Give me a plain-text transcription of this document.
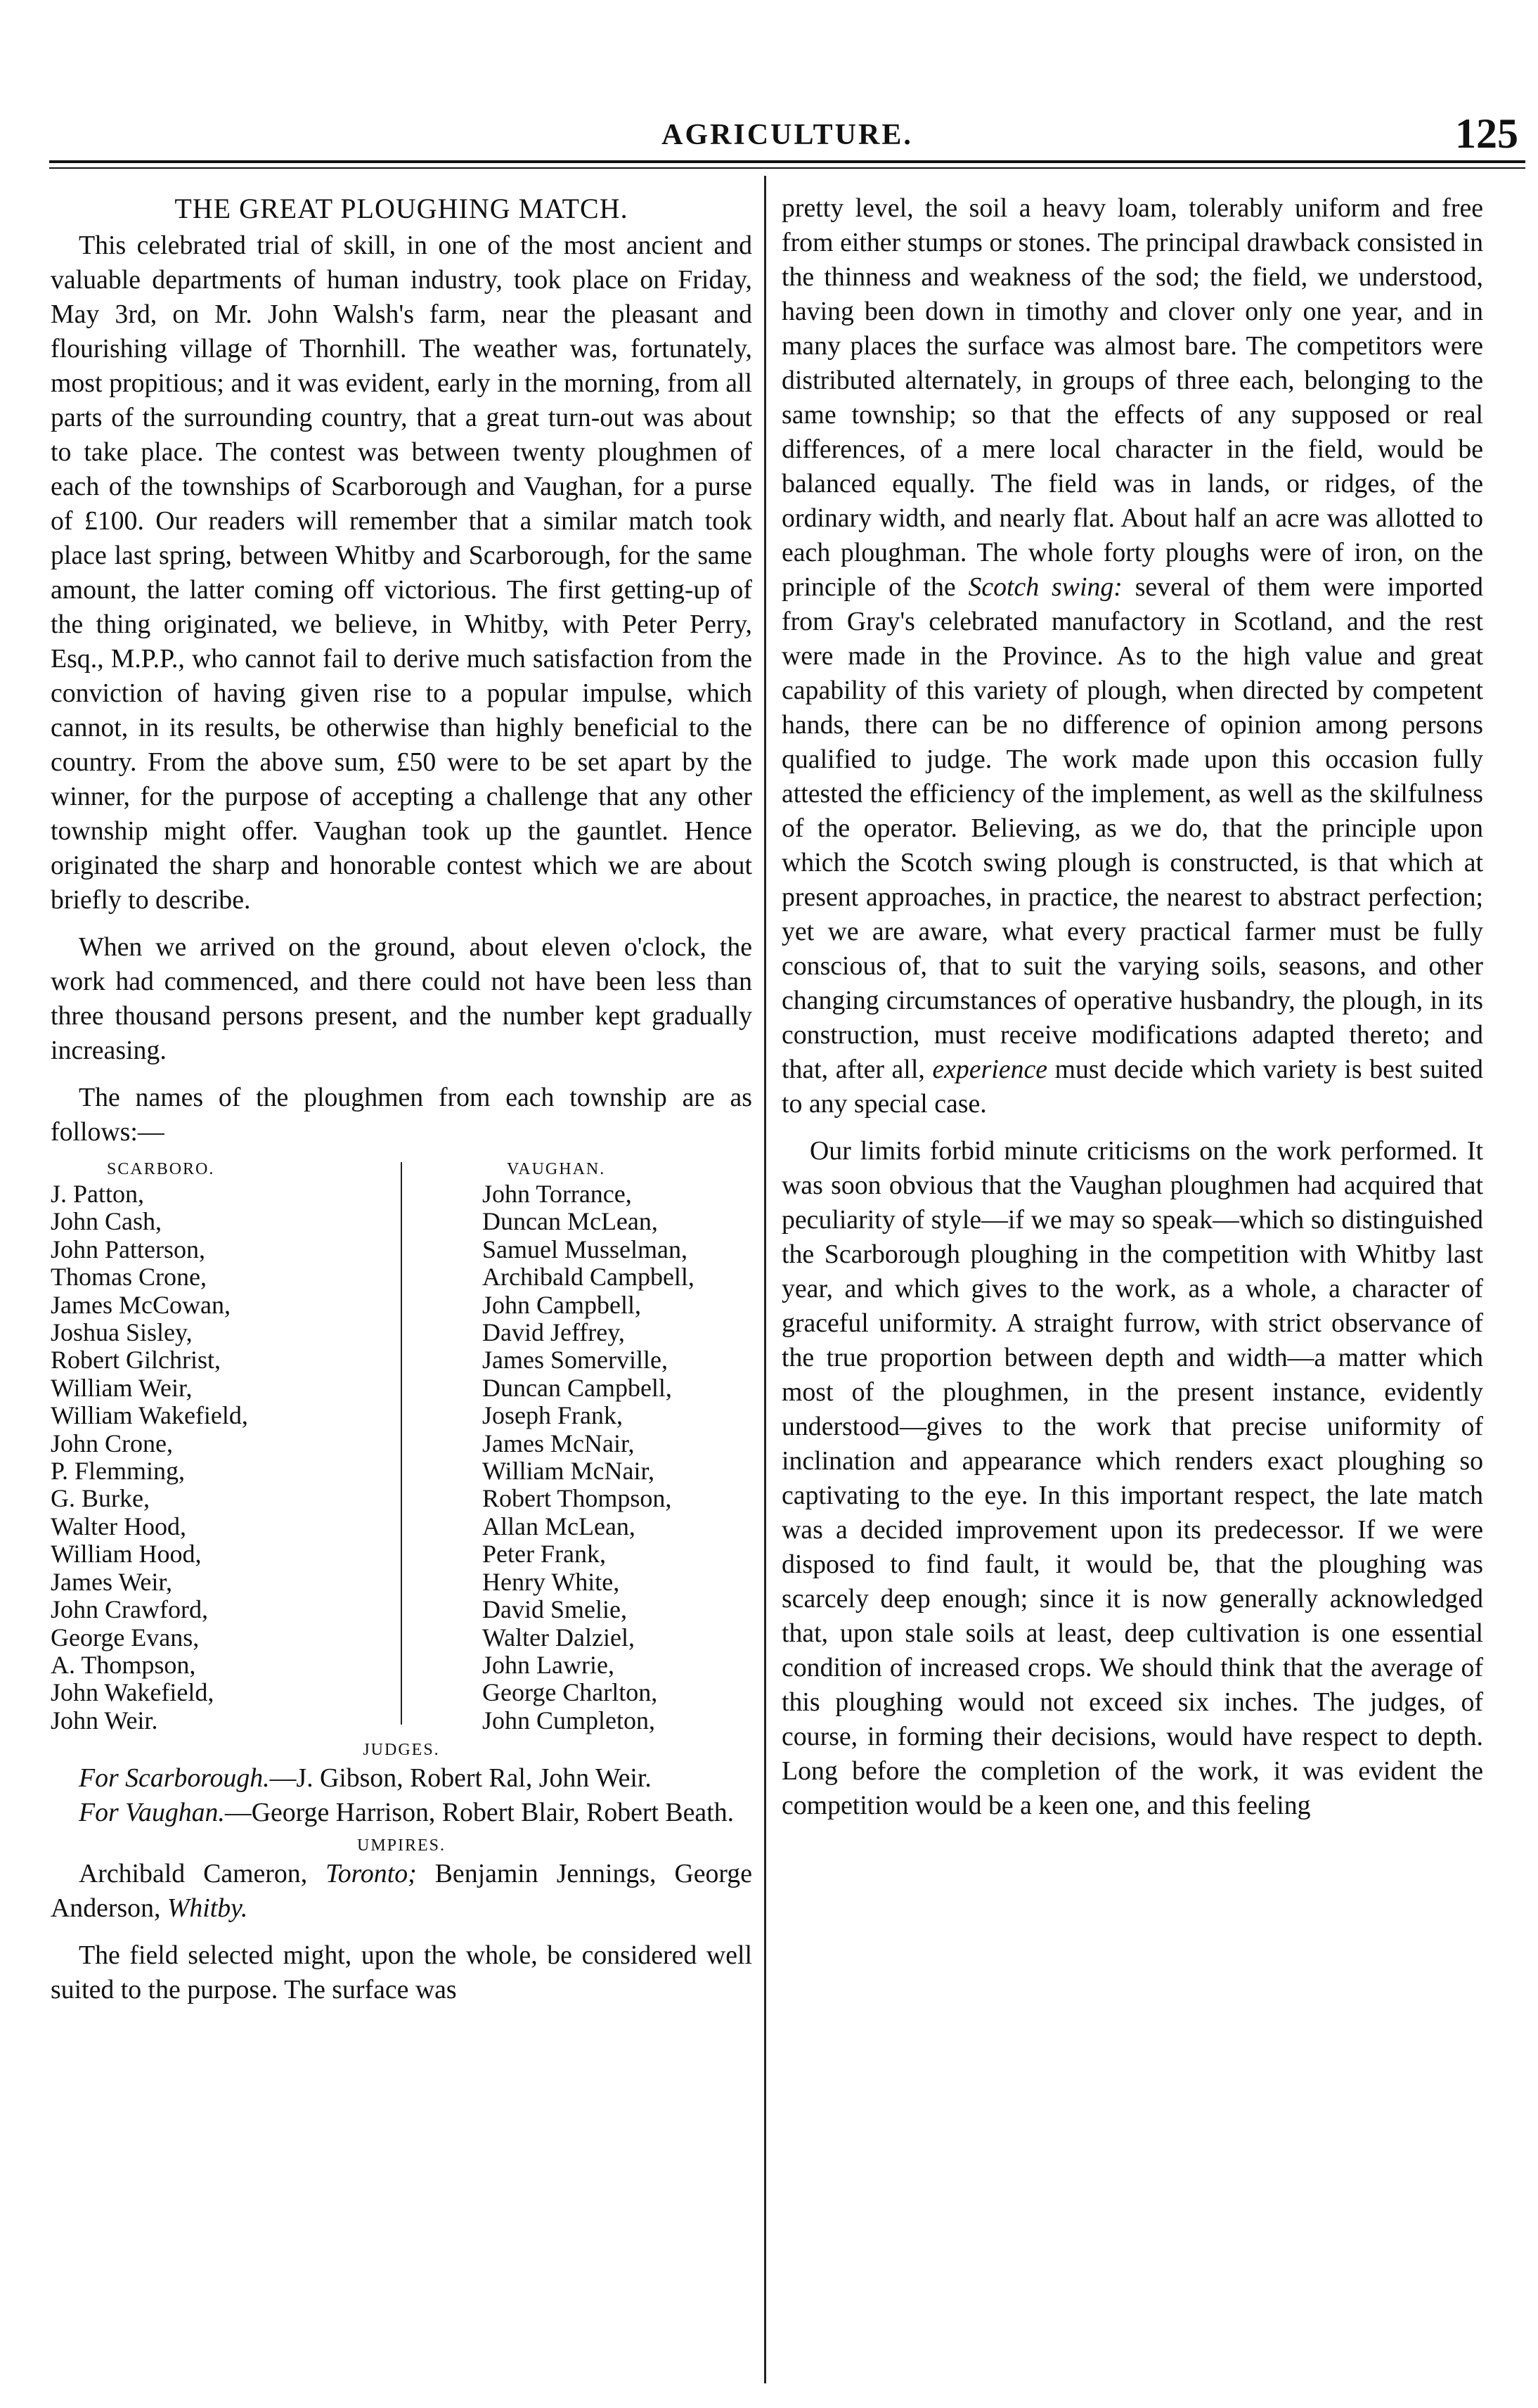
AGRICULTURE.	125
THE GREAT PLOUGHING MATCH.

This celebrated trial of skill, in one of the most ancient and valuable departments of human industry, took place on Friday, May 3rd, on Mr. John Walsh's farm, near the pleasant and flourishing village of Thornhill. The weather was, fortunately, most propitious; and it was evident, early in the morning, from all parts of the surrounding country, that a great turn-out was about to take place. The contest was between twenty ploughmen of each of the townships of Scarborough and Vaughan, for a purse of £100. Our readers will remember that a similar match took place last spring, between Whitby and Scarborough, for the same amount, the latter coming off victorious. The first getting-up of the thing originated, we believe, in Whitby, with Peter Perry, Esq., M.P.P., who cannot fail to derive much satisfaction from the conviction of having given rise to a popular impulse, which cannot, in its results, be otherwise than highly beneficial to the country. From the above sum, £50 were to be set apart by the winner, for the purpose of accepting a challenge that any other township might offer. Vaughan took up the gauntlet. Hence originated the sharp and honorable contest which we are about briefly to describe.

When we arrived on the ground, about eleven o'clock, the work had commenced, and there could not have been less than three thousand persons present, and the number kept gradually increasing.

The names of the ploughmen from each township are as follows:—

SCARBORO.
J. Patton,
John Cash,
John Patterson,
Thomas Crone,
James McCowan,
Joshua Sisley,
Robert Gilchrist,
William Weir,
William Wakefield,
John Crone,
P. Flemming,
G. Burke,
Walter Hood,
William Hood,
James Weir,
John Crawford,
George Evans,
A. Thompson,
John Wakefield,
John Weir.
VAUGHAN.
John Torrance,
Duncan McLean,
Samuel Musselman,
Archibald Campbell,
John Campbell,
David Jeffrey,
James Somerville,
Duncan Campbell,
Joseph Frank,
James McNair,
William McNair,
Robert Thompson,
Allan McLean,
Peter Frank,
Henry White,
David Smelie,
Walter Dalziel,
John Lawrie,
George Charlton,
John Cumpleton,
JUDGES.

For Scarborough.—J. Gibson, Robert Ral, John Weir.

For Vaughan.—George Harrison, Robert Blair, Robert Beath.

UMPIRES.

Archibald Cameron, Toronto; Benjamin Jennings, George Anderson, Whitby.

The field selected might, upon the whole, be considered well suited to the purpose. The surface was

pretty level, the soil a heavy loam, tolerably uniform and free from either stumps or stones. The principal drawback consisted in the thinness and weakness of the sod; the field, we understood, having been down in timothy and clover only one year, and in many places the surface was almost bare. The competitors were distributed alternately, in groups of three each, belonging to the same township; so that the effects of any supposed or real differences, of a mere local character in the field, would be balanced equally. The field was in lands, or ridges, of the ordinary width, and nearly flat. About half an acre was allotted to each ploughman. The whole forty ploughs were of iron, on the principle of the Scotch swing: several of them were imported from Gray's celebrated manufactory in Scotland, and the rest were made in the Province. As to the high value and great capability of this variety of plough, when directed by competent hands, there can be no difference of opinion among persons qualified to judge. The work made upon this occasion fully attested the efficiency of the implement, as well as the skilfulness of the operator. Believing, as we do, that the principle upon which the Scotch swing plough is constructed, is that which at present approaches, in practice, the nearest to abstract perfection; yet we are aware, what every practical farmer must be fully conscious of, that to suit the varying soils, seasons, and other changing circumstances of operative husbandry, the plough, in its construction, must receive modifications adapted thereto; and that, after all, experience must decide which variety is best suited to any special case.

Our limits forbid minute criticisms on the work performed. It was soon obvious that the Vaughan ploughmen had acquired that peculiarity of style—if we may so speak—which so distinguished the Scarborough ploughing in the competition with Whitby last year, and which gives to the work, as a whole, a character of graceful uniformity. A straight furrow, with strict observance of the true proportion between depth and width—a matter which most of the ploughmen, in the present instance, evidently understood—gives to the work that precise uniformity of inclination and appearance which renders exact ploughing so captivating to the eye. In this important respect, the late match was a decided improvement upon its predecessor. If we were disposed to find fault, it would be, that the ploughing was scarcely deep enough; since it is now generally acknowledged that, upon stale soils at least, deep cultivation is one essential condition of increased crops. We should think that the average of this ploughing would not exceed six inches. The judges, of course, in forming their decisions, would have respect to depth. Long before the completion of the work, it was evident the competition would be a keen one, and this feeling
